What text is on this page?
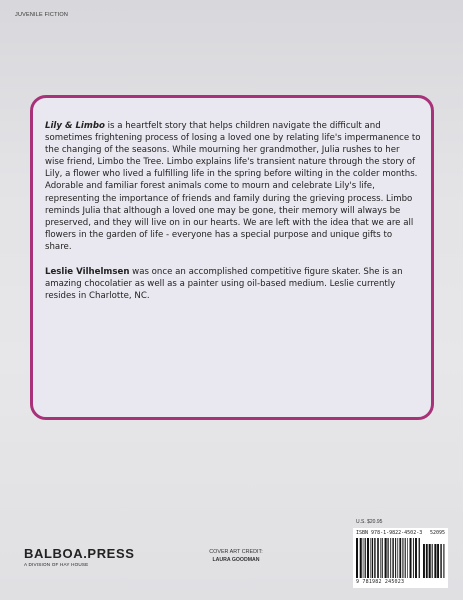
JUVENILE FICTION

Lily & Limbo is a heartfelt story that helps children navigate the difficult and sometimes frightening process of losing a loved one by relating life's impermanence to the changing of the seasons. While mourning her grandmother, Julia rushes to her wise friend, Limbo the Tree. Limbo explains life's transient nature through the story of Lily, a flower who lived a fulfilling life in the spring before wilting in the colder months. Adorable and familiar forest animals come to mourn and celebrate Lily's life, representing the importance of friends and family during the grieving process. Limbo reminds Julia that although a loved one may be gone, their memory will always be preserved, and they will live on in our hearts. We are left with the idea that we are all flowers in the garden of life - everyone has a special purpose and unique gifts to share.

Leslie Vilhelmsen was once an accomplished competitive figure skater. She is an amazing chocolatier as well as a painter using oil-based medium. Leslie currently resides in Charlotte, NC.

BALBOA.PRESS
A DIVISION OF HAY HOUSE
COVER ART CREDIT:
LAURA GOODMAN
U.S. $20.95
ISBN 978-1-9822-4502-3 52095
9 781982 245023
